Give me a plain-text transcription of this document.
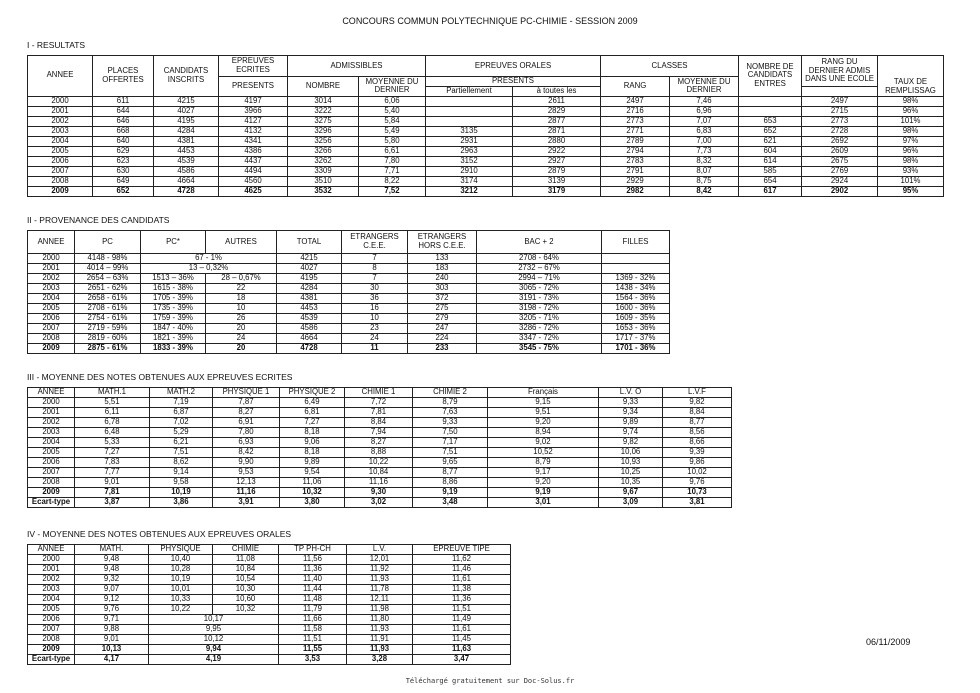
CONCOURS COMMUN POLYTECHNIQUE PC-CHIMIE - SESSION 2009
I - RESULTATS
ANNEE	PLACES OFFERTES	CANDIDATS INSCRITS	EPREUVES ECRITES	ADMISSIBLES		EPREUVES ORALES		CLASSES		NOMBRE DE CANDIDATS ENTRES	RANG DU DERNIER ADMIS DANS UNE ECOLE	TAUX DE REMPLISSAG
			PRESENTS	NOMBRE	MOYENNE DU DERNIER	PRESENTS		RANG	MOYENNE DU DERNIER			
						Partiellement	à toutes les					
2000	611	4215	4197	3014	6,06		2611	2497	7,46		2497	98%
2001	644	4027	3966	3222	5,40		2829	2716	6,96		2715	96%
2002	646	4195	4127	3275	5,84		2877	2773	7,07	653	2773	101%
2003	668	4284	4132	3296	5,49	3135	2871	2771	6,83	652	2728	98%
2004	640	4381	4341	3256	5,80	2931	2880	2789	7,00	621	2692	97%
2005	629	4453	4386	3266	6,61	2963	2922	2794	7,73	604	2609	96%
2006	623	4539	4437	3262	7,80	3152	2927	2783	8,32	614	2675	98%
2007	630	4586	4494	3309	7,71	2910	2879	2791	8,07	585	2769	93%
2008	649	4664	4560	3510	8,22	3174	3139	2929	8,75	654	2924	101%
2009	652	4728	4625	3532	7,52	3212	3179	2982	8,42	617	2902	95%
II - PROVENANCE DES CANDIDATS
ANNEE	PC	PC*	AUTRES	TOTAL	ETRANGERS C.E.E.	ETRANGERS HORS C.E.E.	BAC + 2	FILLES
2000	4148 - 98%	67 - 1%		4215	7	133	2708 - 64%	
2001	4014 – 99%	13 – 0,32%		4027	8	183	2732 – 67%	
2002	2654 – 63%	1513 – 36%	28 – 0,67%	4195	7	240	2994 – 71%	1369 - 32%
2003	2651 - 62%	1615 - 38%	22	4284	30	303	3065 - 72%	1438 - 34%
2004	2658 - 61%	1705 - 39%	18	4381	36	372	3191 - 73%	1564 - 36%
2005	2708 - 61%	1735 - 39%	10	4453	16	275	3198 - 72%	1600 - 36%
2006	2754 - 61%	1759 - 39%	26	4539	10	279	3205 - 71%	1609 - 35%
2007	2719 - 59%	1847 - 40%	20	4586	23	247	3286 - 72%	1653 - 36%
2008	2819 - 60%	1821 - 39%	24	4664	24	224	3347 - 72%	1717 - 37%
2009	2875 - 61%	1833 - 39%	20	4728	11	233	3545 - 75%	1701 - 36%
III - MOYENNE DES NOTES OBTENUES AUX EPREUVES ECRITES
ANNEE	MATH.1	MATH.2	PHYSIQUE 1	PHYSIQUE 2	CHIMIE 1	CHIMIE 2	Français	L.V. O	L.V.F
2000	5,51	7,19	7,87	6,49	7,72	8,79	9,15	9,33	9,82
2001	6,11	6,87	8,27	6,81	7,81	7,63	9,51	9,34	8,84
2002	6,78	7,02	6,91	7,27	8,84	9,33	9,20	9,89	8,77
2003	6,48	5,29	7,80	8,18	7,94	7,50	8,94	9,74	8,56
2004	5,33	6,21	6,93	9,06	8,27	7,17	9,02	9,82	8,66
2005	7,27	7,51	8,42	8,18	8,88	7,51	10,52	10,06	9,39
2006	7,83	8,62	9,90	9,89	10,22	9,65	8,79	10,93	9,86
2007	7,77	9,14	9,53	9,54	10,84	8,77	9,17	10,25	10,02
2008	9,01	9,58	12,13	11,06	11,16	8,86	9,20	10,35	9,76
2009	7,81	10,19	11,16	10,32	9,30	9,19	9,19	9,67	10,73
Ecart-type	3,87	3,86	3,91	3,80	3,02	3,48	3,01	3,09	3,81
IV - MOYENNE DES NOTES OBTENUES AUX EPREUVES ORALES
ANNEE	MATH.	PHYSIQUE	CHIMIE	TP PH-CH	L.V.	EPREUVE TIPE
2000	9,48	10,40	11,08	11,56	12,01	11,62
2001	9,48	10,28	10,84	11,36	11,92	11,46
2002	9,32	10,19	10,54	11,40	11,93	11,61
2003	9,07	10,01	10,30	11,44	11,78	11,38
2004	9,12	10,33	10,60	11,48	12,11	11,36
2005	9,76	10,22	10,32	11,79	11,98	11,51
2006	9,71	10,17		11,66	11,80	11,49
2007	9,88	9,95		11,58	11,93	11,61
2008	9,01	10,12		11,51	11,91	11,45
2009	10,13	9,94		11,55	11,93	11,63
Ecart-type	4,17	4,19		3,53	3,28	3,47
06/11/2009
Téléchargé gratuitement sur Doc-Solus.fr
